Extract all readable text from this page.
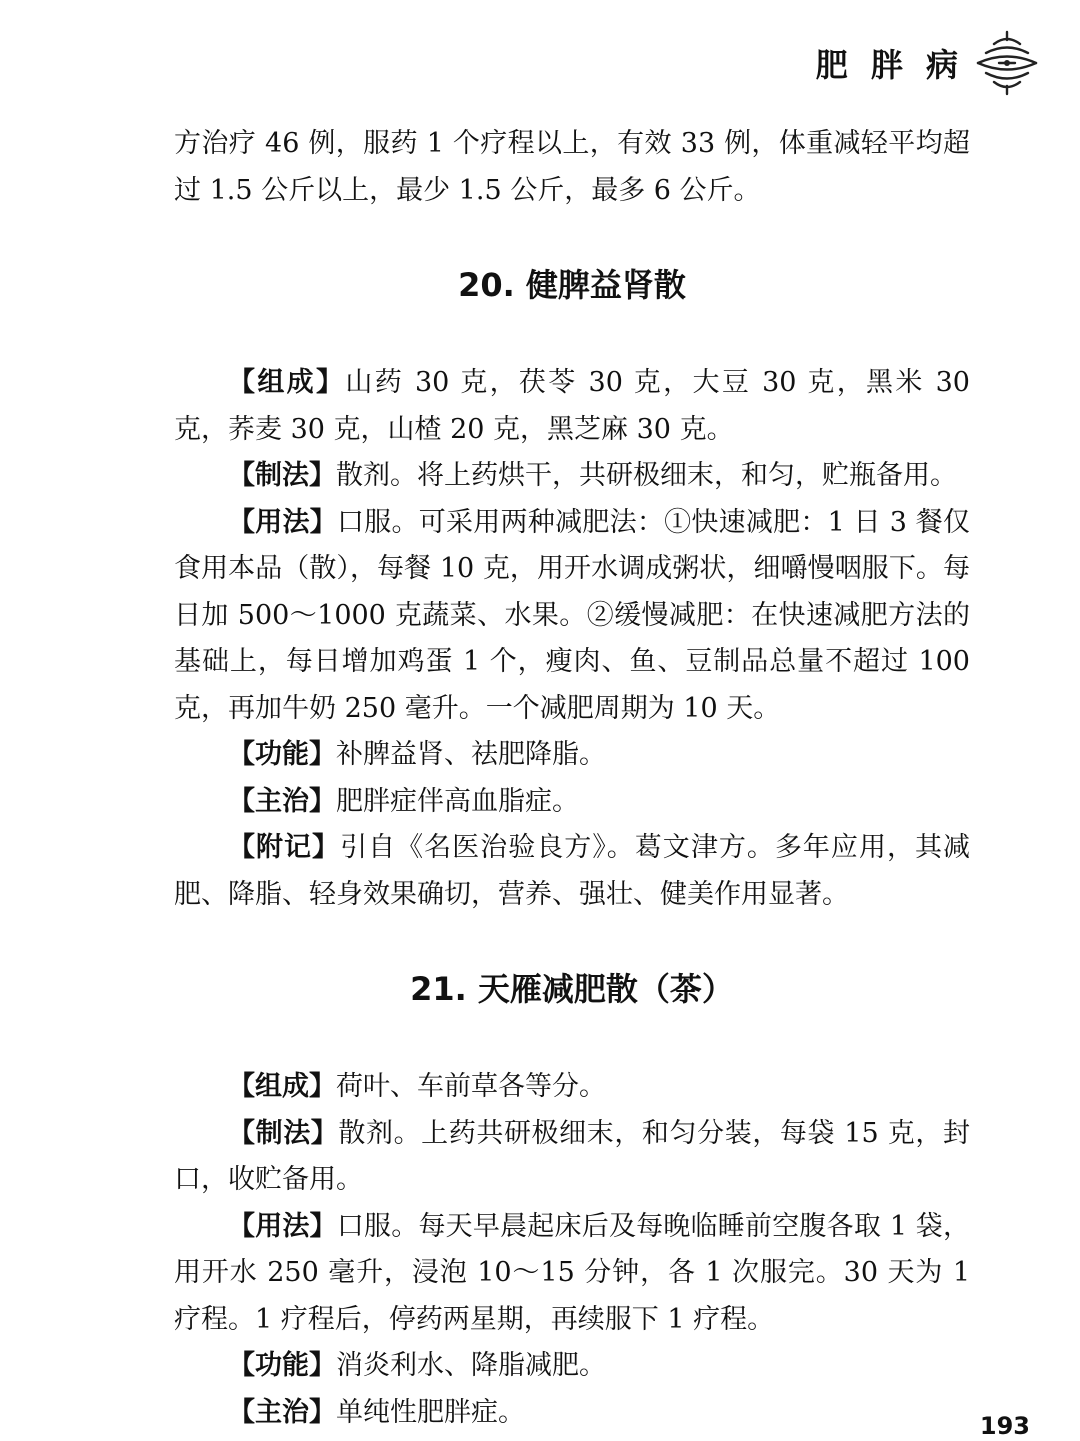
肥 胖 病

方治疗 46 例，服药 1 个疗程以上，有效 33 例，体重减轻平均超过 1.5 公斤以上，最少 1.5 公斤，最多 6 公斤。

20. 健脾益肾散

【组成】山药 30 克，茯苓 30 克，大豆 30 克，黑米 30 克，荞麦 30 克，山楂 20 克，黑芝麻 30 克。

【制法】散剂。将上药烘干，共研极细末，和匀，贮瓶备用。

【用法】口服。可采用两种减肥法：①快速减肥：1 日 3 餐仅食用本品（散），每餐 10 克，用开水调成粥状，细嚼慢咽服下。每日加 500～1000 克蔬菜、水果。②缓慢减肥：在快速减肥方法的基础上，每日增加鸡蛋 1 个，瘦肉、鱼、豆制品总量不超过 100 克，再加牛奶 250 毫升。一个减肥周期为 10 天。

【功能】补脾益肾、祛肥降脂。

【主治】肥胖症伴高血脂症。

【附记】引自《名医治验良方》。葛文津方。多年应用，其减肥、降脂、轻身效果确切，营养、强壮、健美作用显著。

21. 天雁减肥散（茶）

【组成】荷叶、车前草各等分。

【制法】散剂。上药共研极细末，和匀分装，每袋 15 克，封口，收贮备用。

【用法】口服。每天早晨起床后及每晚临睡前空腹各取 1 袋，用开水 250 毫升，浸泡 10～15 分钟，各 1 次服完。30 天为 1 疗程。1 疗程后，停药两星期，再续服下 1 疗程。

【功能】消炎利水、降脂减肥。

【主治】单纯性肥胖症。	193
